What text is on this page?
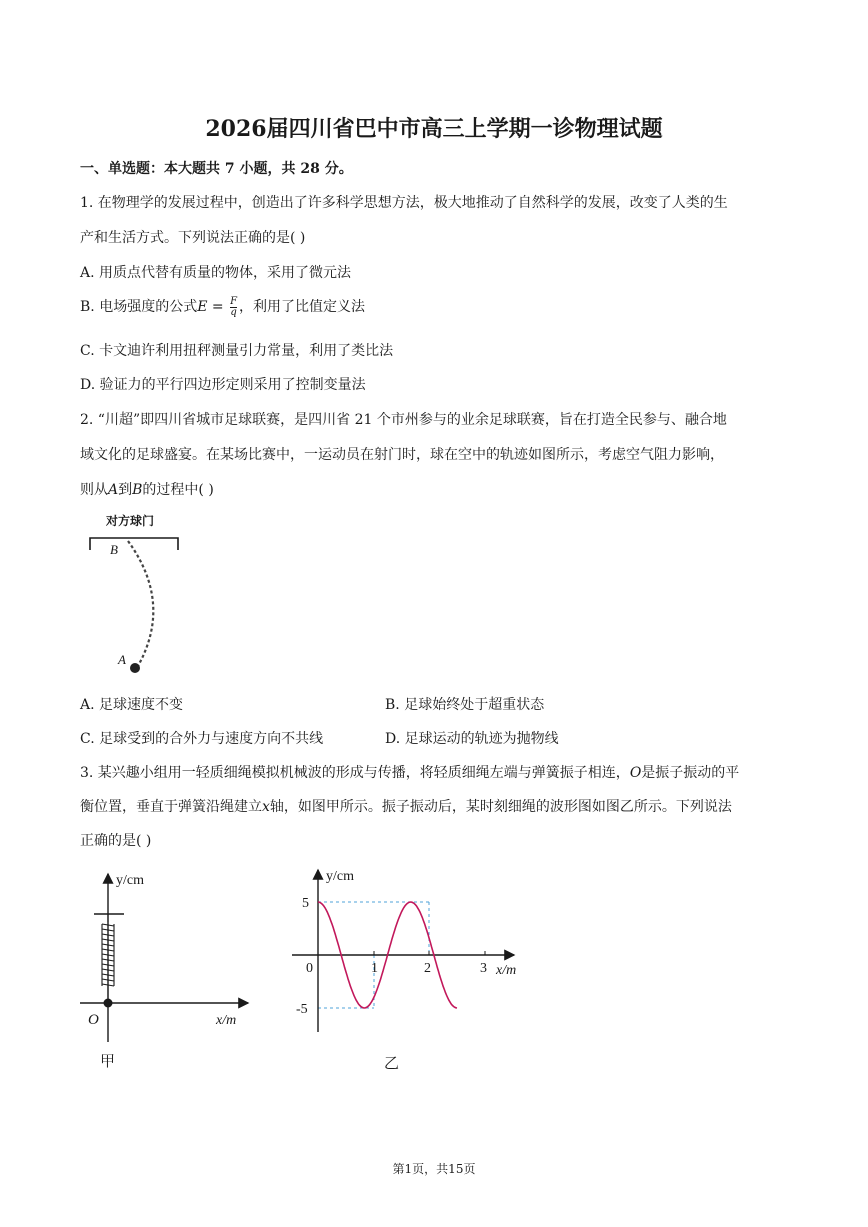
2026届四川省巴中市高三上学期一诊物理试题

一、单选题：本大题共 7 小题，共 28 分。

1. 在物理学的发展过程中，创造出了许多科学思想方法，极大地推动了自然科学的发展，改变了人类的生

产和生活方式。下列说法正确的是( )

A. 用质点代替有质量的物体，采用了微元法

B. 电场强度的公式$E = \frac{F}{q}$ ，利用了比值定义法

C. 卡文迪许利用扭秤测量引力常量，利用了类比法

D. 验证力的平行四边形定则采用了控制变量法

2. “川超”即四川省城市足球联赛，是四川省 21 个市州参与的业余足球联赛，旨在打造全民参与、融合地

域文化的足球盛宴。在某场比赛中，一运动员在射门时，球在空中的轨迹如图所示，考虑空气阻力影响，

则从A到B的过程中( )

对方球门
B
A

A. 足球速度不变	B. 足球始终处于超重状态

C. 足球受到的合外力与速度方向不共线	D. 足球运动的轨迹为抛物线

3. 某兴趣小组用一轻质细绳模拟机械波的形成与传播，将轻质细绳左端与弹簧振子相连，O是振子振动的平

衡位置，垂直于弹簧沿绳建立x轴，如图甲所示。振子振动后，某时刻细绳的波形图如图乙所示。下列说法

正确的是( )

y/cm
O	x/m
甲
y/cm
5
-5
0	1	2	3 x/m
乙
第1页，共15页
